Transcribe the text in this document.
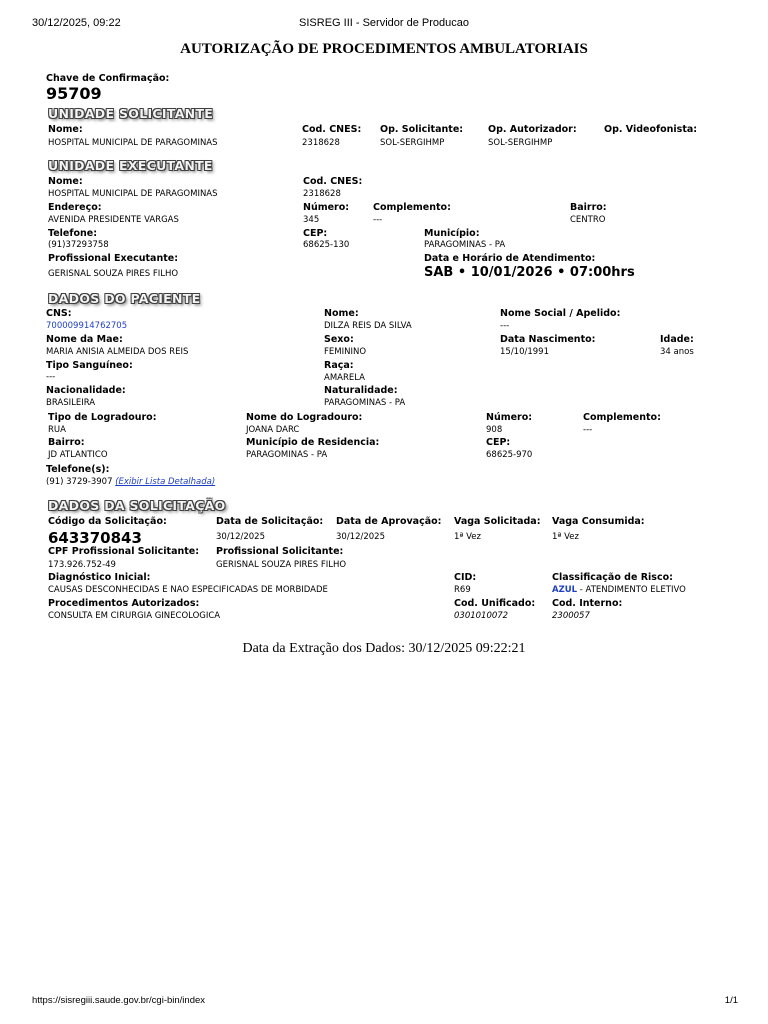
30/12/2025, 09:22	SISREG III - Servidor de Producao
AUTORIZAÇÃO DE PROCEDIMENTOS AMBULATORIAIS
Chave de Confirmação:
95709
UNIDADE SOLICITANTE
Nome:
HOSPITAL MUNICIPAL DE PARAGOMINAS
Cod. CNES:
2318628
Op. Solicitante:
SOL-SERGIHMP
Op. Autorizador:
SOL-SERGIHMP
Op. Videofonista:
UNIDADE EXECUTANTE
Nome:
HOSPITAL MUNICIPAL DE PARAGOMINAS
Cod. CNES:
2318628
Endereço:
AVENIDA PRESIDENTE VARGAS
Número:
345
Complemento:
---
Bairro:
CENTRO
Telefone:
(91)37293758
CEP:
68625-130
Município:
PARAGOMINAS - PA
Profissional Executante:
GERISNAL SOUZA PIRES FILHO
Data e Horário de Atendimento:
SAB • 10/01/2026 • 07:00hrs
DADOS DO PACIENTE
CNS:
700009914762705
Nome:
DILZA REIS DA SILVA
Nome Social / Apelido:
---
Nome da Mae:
MARIA ANISIA ALMEIDA DOS REIS
Sexo:
FEMININO
Data Nascimento:
15/10/1991
Idade:
34 anos
Tipo Sanguíneo:
---
Raça:
AMARELA
Nacionalidade:
BRASILEIRA
Naturalidade:
PARAGOMINAS - PA
Tipo de Logradouro:
RUA
Nome do Logradouro:
JOANA DARC
Número:
908
Complemento:
---
Bairro:
JD ATLANTICO
Município de Residencia:
PARAGOMINAS - PA
CEP:
68625-970
Telefone(s):
(91) 3729-3907 (Exibir Lista Detalhada)
DADOS DA SOLICITAÇÃO
Código da Solicitação:
643370843
Data de Solicitação:
30/12/2025
Data de Aprovação:
30/12/2025
Vaga Solicitada:
1ª Vez
Vaga Consumida:
1ª Vez
CPF Profissional Solicitante:
173.926.752-49
Profissional Solicitante:
GERISNAL SOUZA PIRES FILHO
Diagnóstico Inicial:
CAUSAS DESCONHECIDAS E NAO ESPECIFICADAS DE MORBIDADE
CID:
R69
Classificação de Risco:
AZUL - ATENDIMENTO ELETIVO
Procedimentos Autorizados:
CONSULTA EM CIRURGIA GINECOLOGICA
Cod. Unificado:
0301010072
Cod. Interno:
2300057
Data da Extração dos Dados: 30/12/2025 09:22:21
https://sisregiii.saude.gov.br/cgi-bin/index	1/1
